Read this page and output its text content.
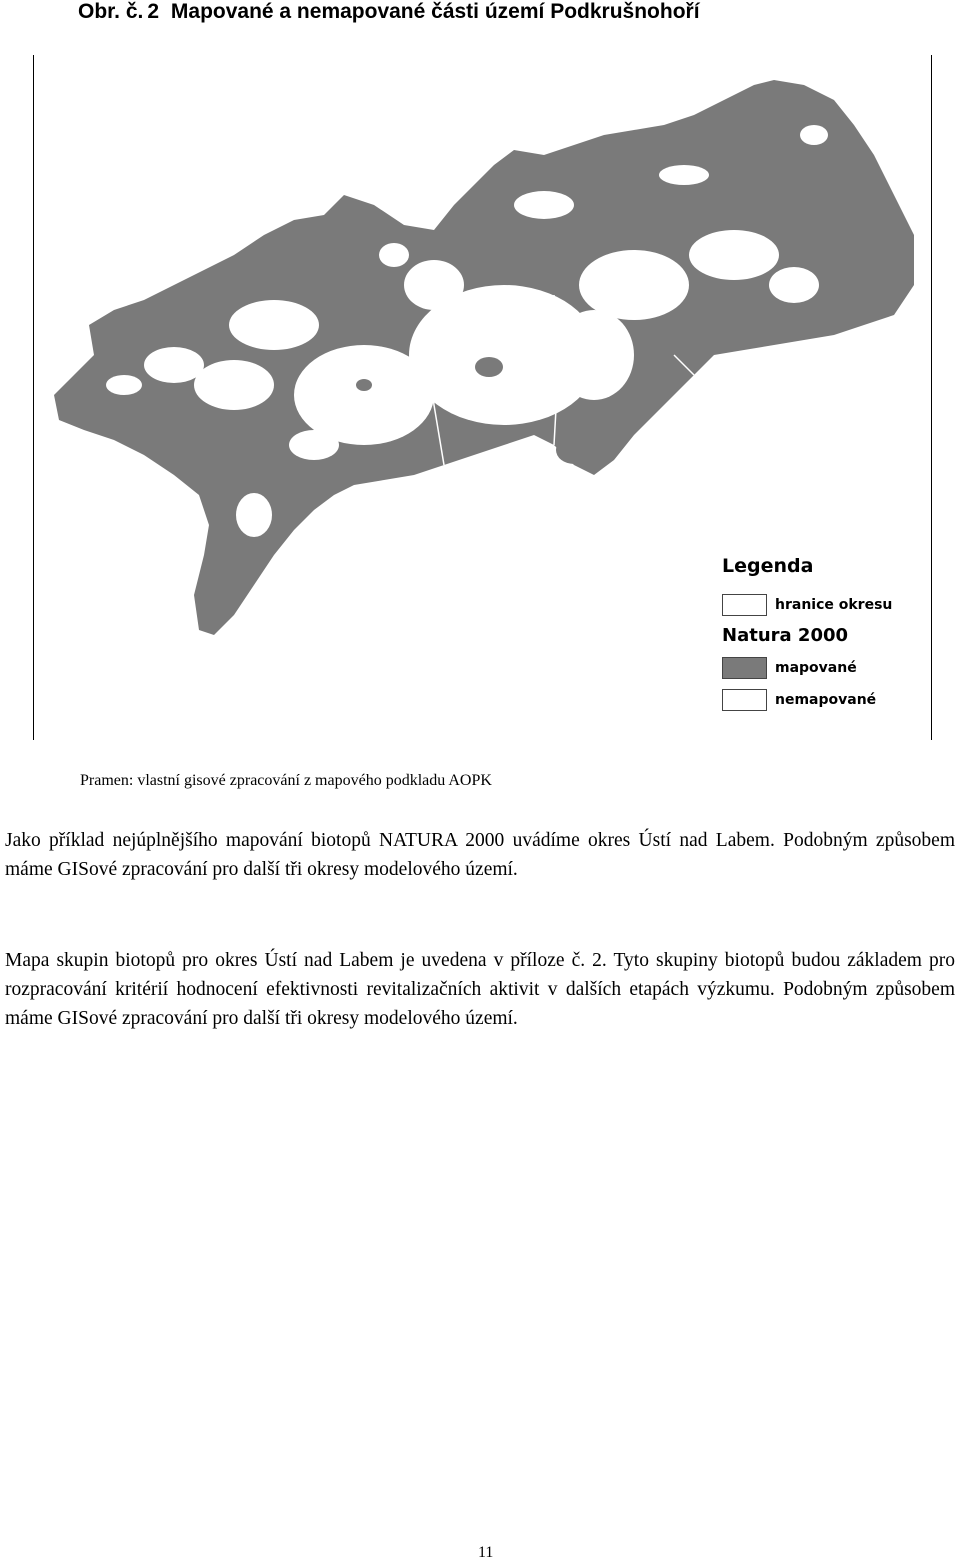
Obr. č. 2 Mapované a nemapované části území Podkrušnohoří
Legenda
hranice okresu
Natura 2000
mapované
nemapované
Pramen: vlastní gisové zpracování z mapového podkladu AOPK
Jako příklad nejúplnějšího mapování biotopů NATURA 2000 uvádíme okres Ústí nad Labem. Podobným způsobem máme GISové zpracování pro další tři okresy modelového území.
Mapa skupin biotopů pro okres Ústí nad Labem je uvedena v příloze č. 2. Tyto skupiny biotopů budou základem pro rozpracování kritérií hodnocení efektivnosti revitalizačních aktivit v dalších etapách výzkumu. Podobným způsobem máme GISové zpracování pro další tři okresy modelového území.
11
